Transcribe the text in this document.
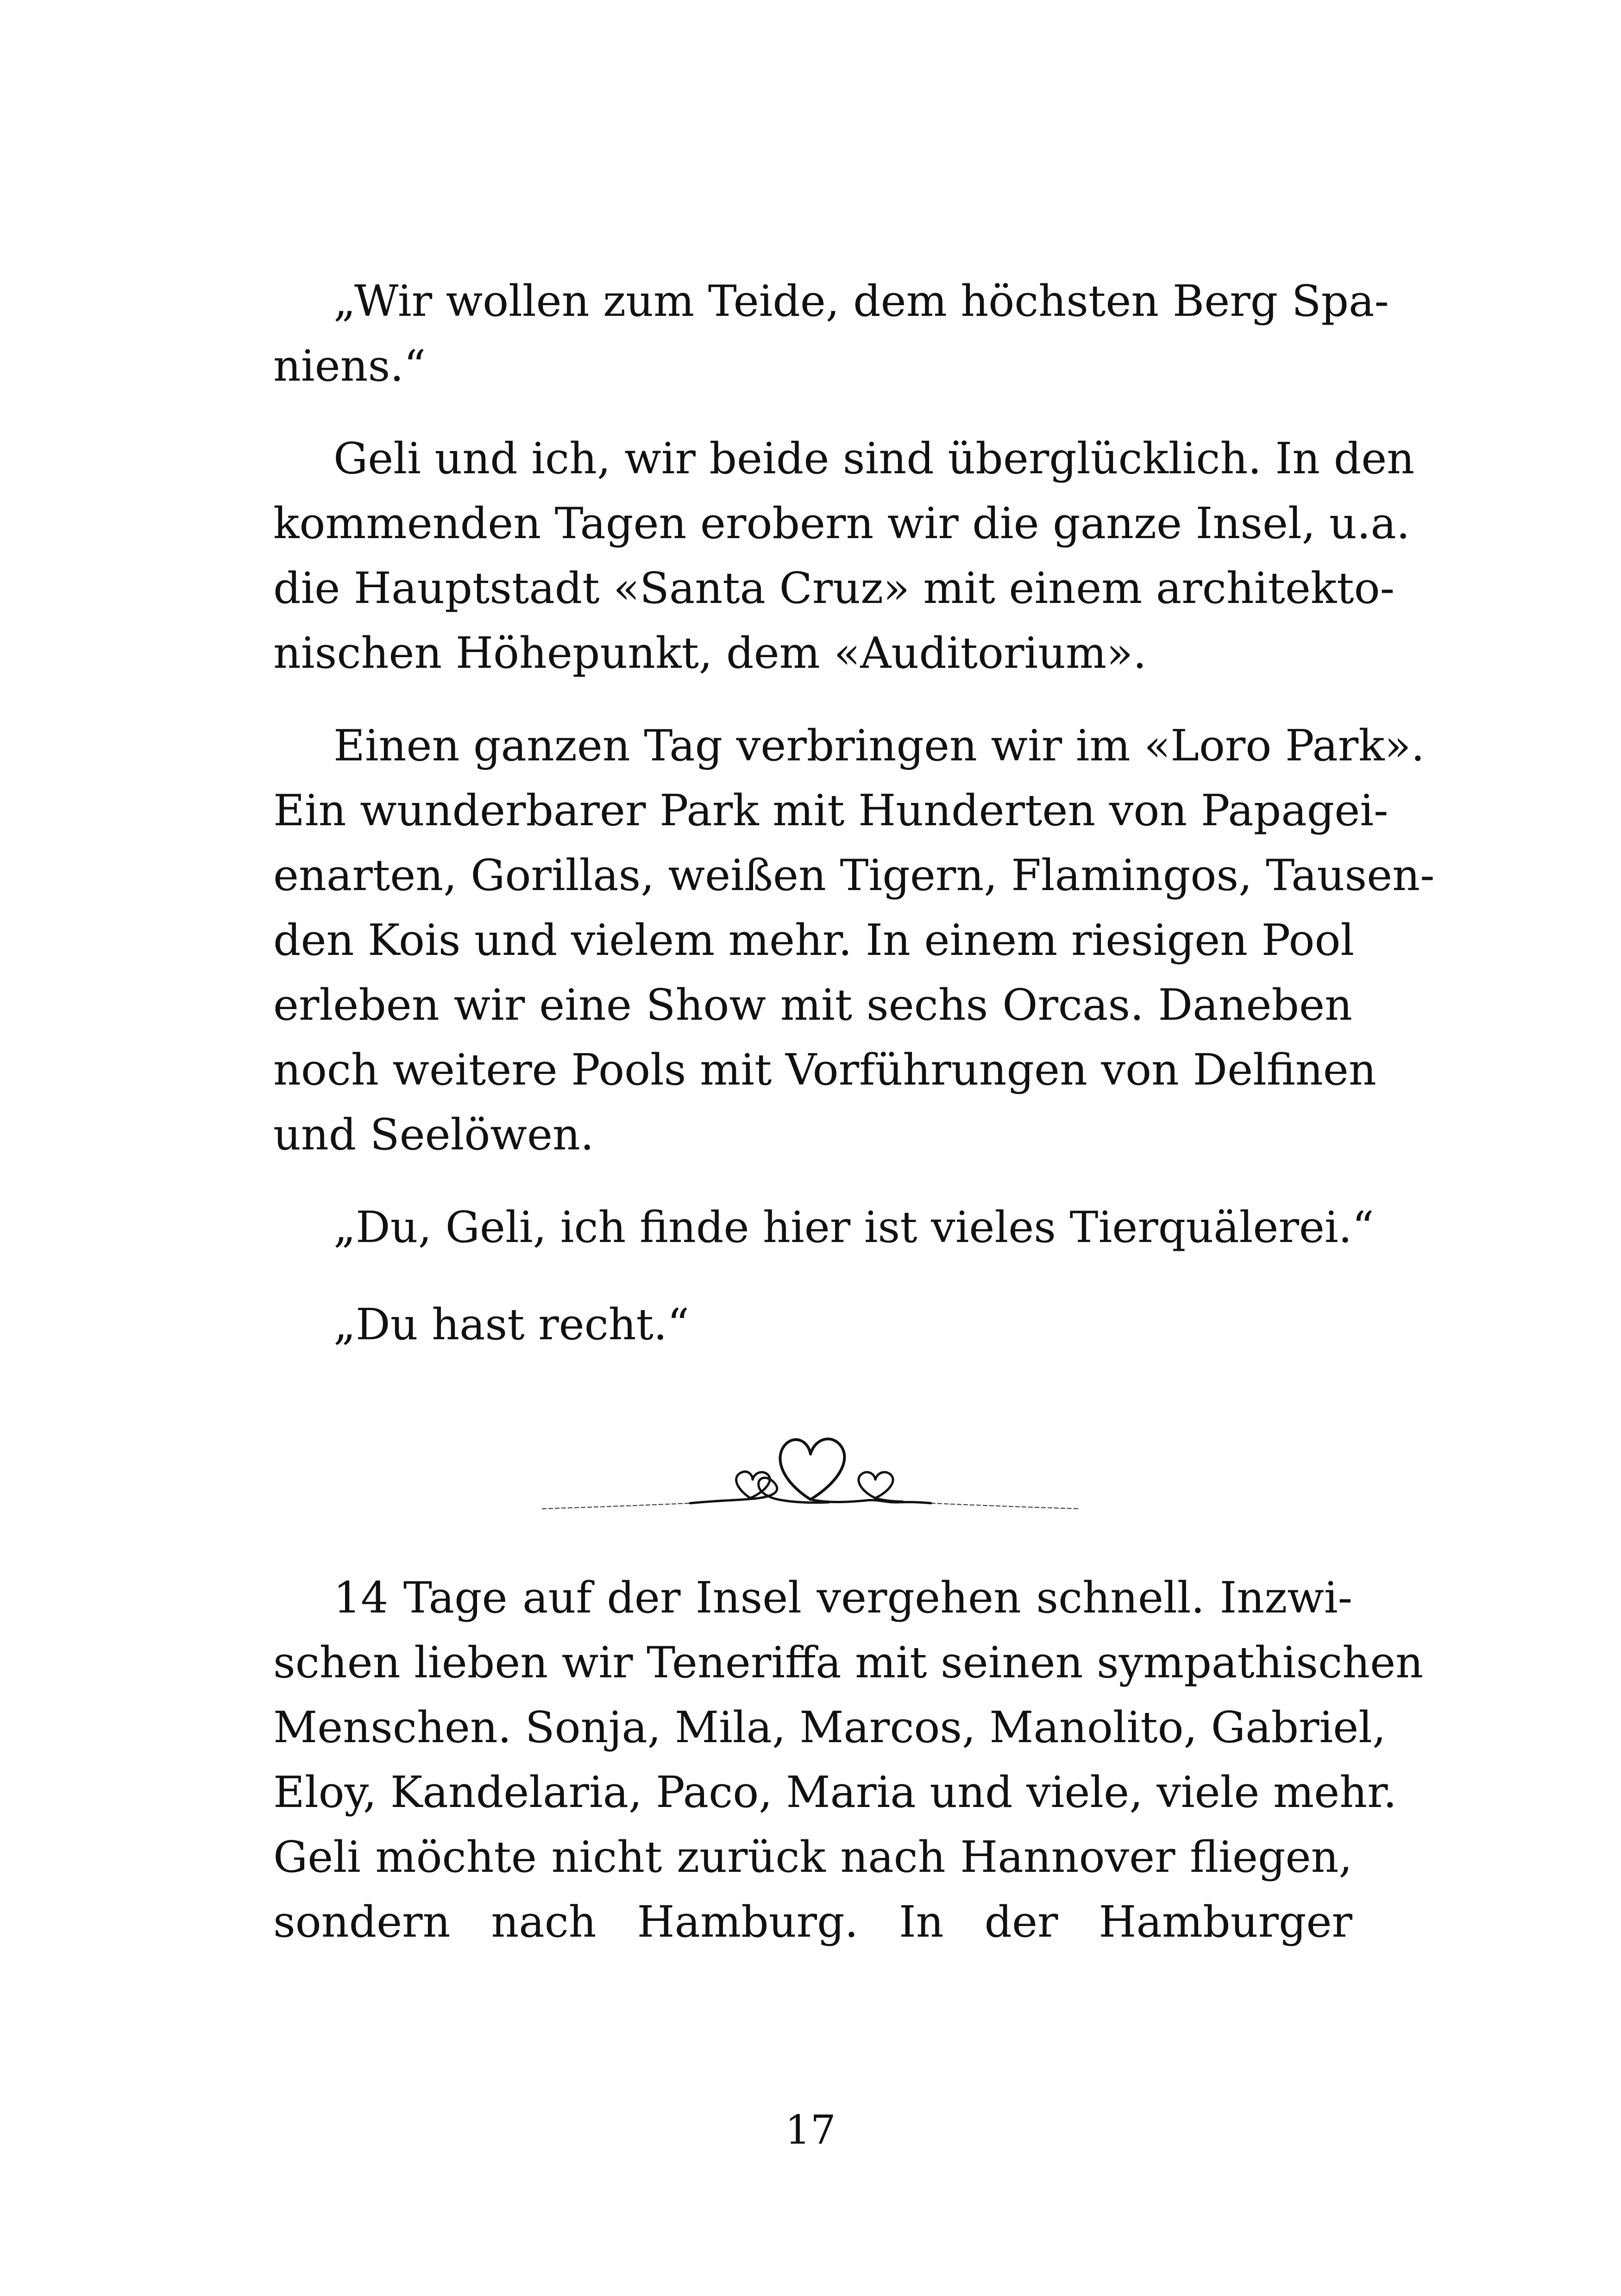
„Wir wollen zum Teide, dem höchsten Berg Spa-
niens.“
Geli und ich, wir beide sind überglücklich. In den
kommenden Tagen erobern wir die ganze Insel, u.a.
die Hauptstadt «Santa Cruz» mit einem architekto-
nischen Höhepunkt, dem «Auditorium».
Einen ganzen Tag verbringen wir im «Loro Park».
Ein wunderbarer Park mit Hunderten von Papagei-
enarten, Gorillas, weißen Tigern, Flamingos, Tausen-
den Kois und vielem mehr. In einem riesigen Pool
erleben wir eine Show mit sechs Orcas. Daneben
noch weitere Pools mit Vorführungen von Delfinen
und Seelöwen.
„Du, Geli, ich finde hier ist vieles Tierquälerei.“
„Du hast recht.“
14 Tage auf der Insel vergehen schnell. Inzwi-
schen lieben wir Teneriffa mit seinen sympathischen
Menschen. Sonja, Mila, Marcos, Manolito, Gabriel,
Eloy, Kandelaria, Paco, Maria und viele, viele mehr.
Geli möchte nicht zurück nach Hannover fliegen,
sondern nach Hamburg. In der Hamburger
17
